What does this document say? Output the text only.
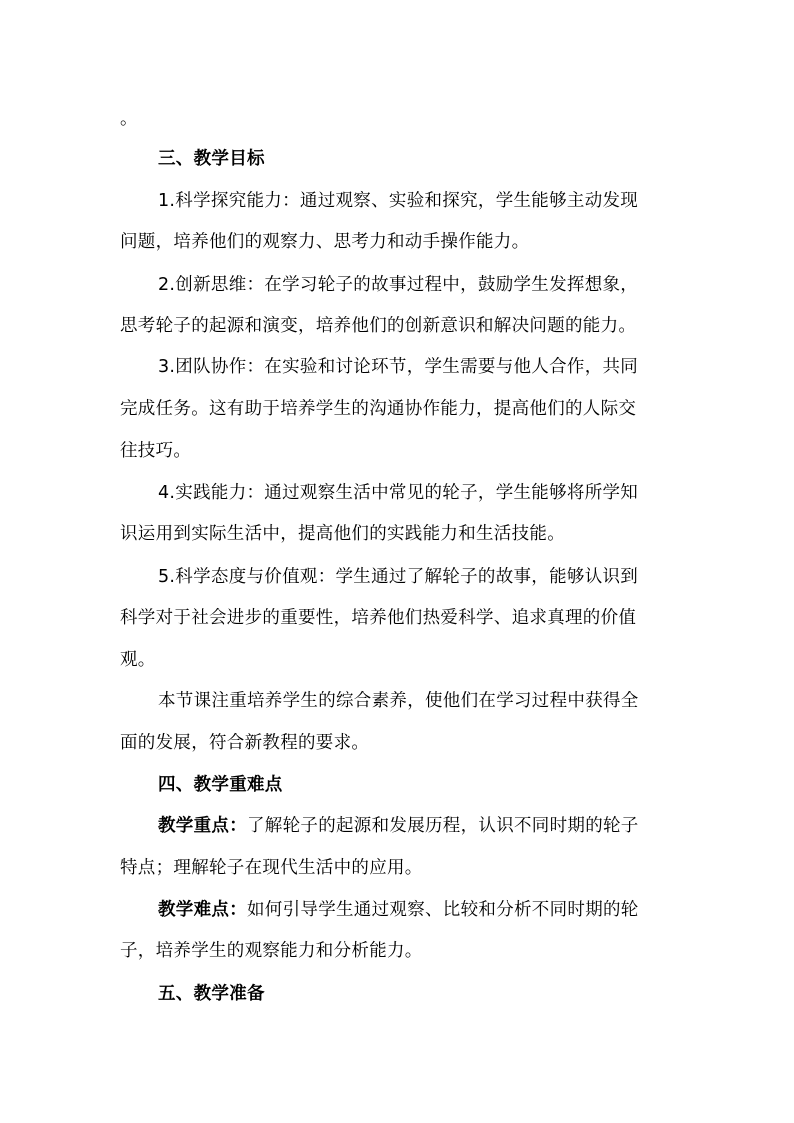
。
三、教学目标
1.科学探究能力：通过观察、实验和探究，学生能够主动发现
问题，培养他们的观察力、思考力和动手操作能力。
2.创新思维：在学习轮子的故事过程中，鼓励学生发挥想象，
思考轮子的起源和演变，培养他们的创新意识和解决问题的能力。
3.团队协作：在实验和讨论环节，学生需要与他人合作，共同
完成任务。这有助于培养学生的沟通协作能力，提高他们的人际交
往技巧。
4.实践能力：通过观察生活中常见的轮子，学生能够将所学知
识运用到实际生活中，提高他们的实践能力和生活技能。
5.科学态度与价值观：学生通过了解轮子的故事，能够认识到
科学对于社会进步的重要性，培养他们热爱科学、追求真理的价值
观。
本节课注重培养学生的综合素养，使他们在学习过程中获得全
面的发展，符合新教程的要求。
四、教学重难点
教学重点：了解轮子的起源和发展历程，认识不同时期的轮子
特点；理解轮子在现代生活中的应用。
教学难点：如何引导学生通过观察、比较和分析不同时期的轮
子，培养学生的观察能力和分析能力。
五、教学准备
